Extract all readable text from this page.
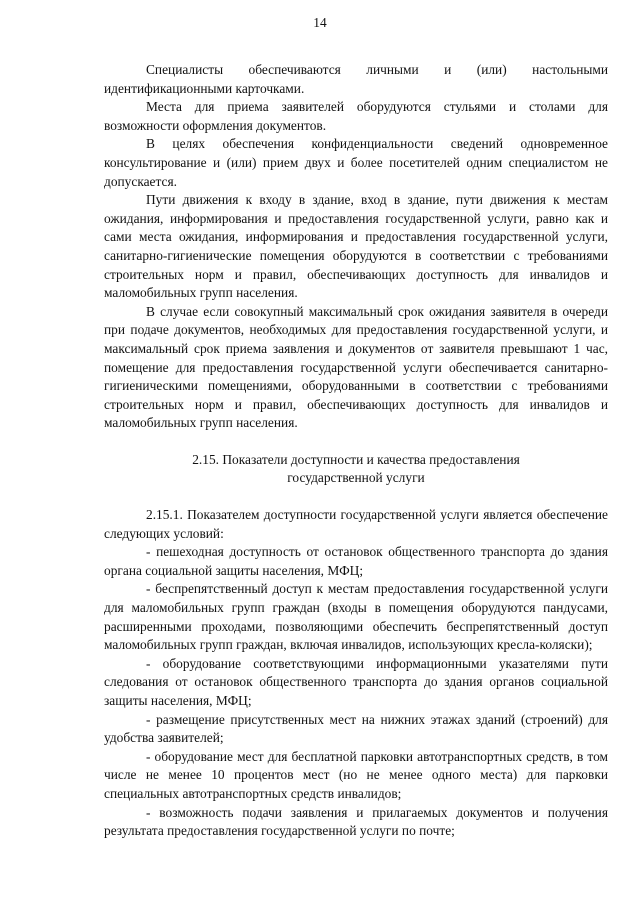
14

Специалисты обеспечиваются личными и (или) настольными идентификационными карточками.

Места для приема заявителей оборудуются стульями и столами для возможности оформления документов.

В целях обеспечения конфиденциальности сведений одновременное консультирование и (или) прием двух и более посетителей одним специалистом не допускается.

Пути движения к входу в здание, вход в здание, пути движения к местам ожидания, информирования и предоставления государственной услуги, равно как и сами места ожидания, информирования и предоставления государственной услуги, санитарно-гигиенические помещения оборудуются в соответствии с требованиями строительных норм и правил, обеспечивающих доступность для инвалидов и маломобильных групп населения.

В случае если совокупный максимальный срок ожидания заявителя в очереди при подаче документов, необходимых для предоставления государственной услуги, и максимальный срок приема заявления и документов от заявителя превышают 1 час, помещение для предоставления государственной услуги обеспечивается санитарно-гигиеническими помещениями, оборудованными в соответствии с требованиями строительных норм и правил, обеспечивающих доступность для инвалидов и маломобильных групп населения.

2.15. Показатели доступности и качества предоставления
государственной услуги

2.15.1. Показателем доступности государственной услуги является обеспечение следующих условий:

- пешеходная доступность от остановок общественного транспорта до здания органа социальной защиты населения, МФЦ;

- беспрепятственный доступ к местам предоставления государственной услуги для маломобильных групп граждан (входы в помещения оборудуются пандусами, расширенными проходами, позволяющими обеспечить беспрепятственный доступ маломобильных групп граждан, включая инвалидов, использующих кресла-коляски);

- оборудование соответствующими информационными указателями пути следования от остановок общественного транспорта до здания органов социальной защиты населения, МФЦ;

- размещение присутственных мест на нижних этажах зданий (строений) для удобства заявителей;

- оборудование мест для бесплатной парковки автотранспортных средств, в том числе не менее 10 процентов мест (но не менее одного места) для парковки специальных автотранспортных средств инвалидов;

- возможность подачи заявления и прилагаемых документов и получения результата предоставления государственной услуги по почте;
